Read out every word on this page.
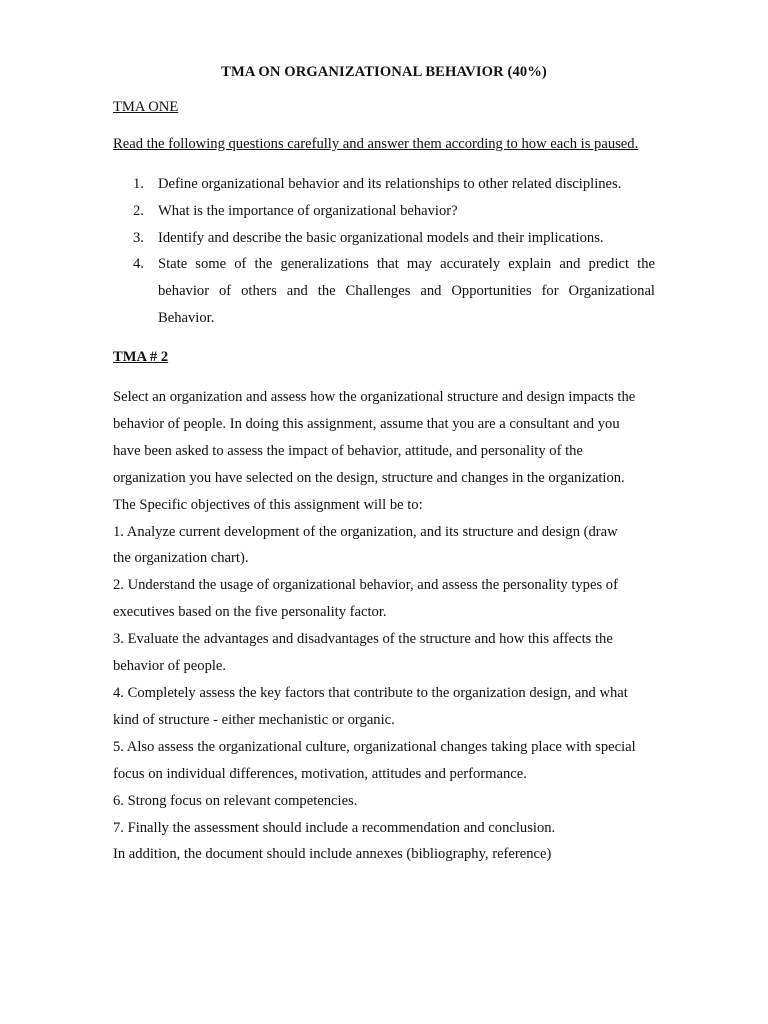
TMA ON ORGANIZATIONAL BEHAVIOR (40%)
TMA ONE
Read the following questions carefully and answer them according to how each is paused.
1. Define organizational behavior and its relationships to other related disciplines.
2. What is the importance of organizational behavior?
3. Identify and describe the basic organizational models and their implications.
4. State some of the generalizations that may accurately explain and predict the behavior of others and the Challenges and Opportunities for Organizational Behavior.
TMA # 2
Select an organization and assess how the organizational structure and design impacts the
behavior of people. In doing this assignment, assume that you are a consultant and you
have been asked to assess the impact of behavior, attitude, and personality of the
organization you have selected on the design, structure and changes in the organization.
The Specific objectives of this assignment will be to:
1. Analyze current development of the organization, and its structure and design (draw
the organization chart).
2. Understand the usage of organizational behavior, and assess the personality types of
executives based on the five personality factor.
3. Evaluate the advantages and disadvantages of the structure and how this affects the
behavior of people.
4. Completely assess the key factors that contribute to the organization design, and what
kind of structure - either mechanistic or organic.
5. Also assess the organizational culture, organizational changes taking place with special
focus on individual differences, motivation, attitudes and performance.
6. Strong focus on relevant competencies.
7. Finally the assessment should include a recommendation and conclusion.
In addition, the document should include annexes (bibliography, reference)
